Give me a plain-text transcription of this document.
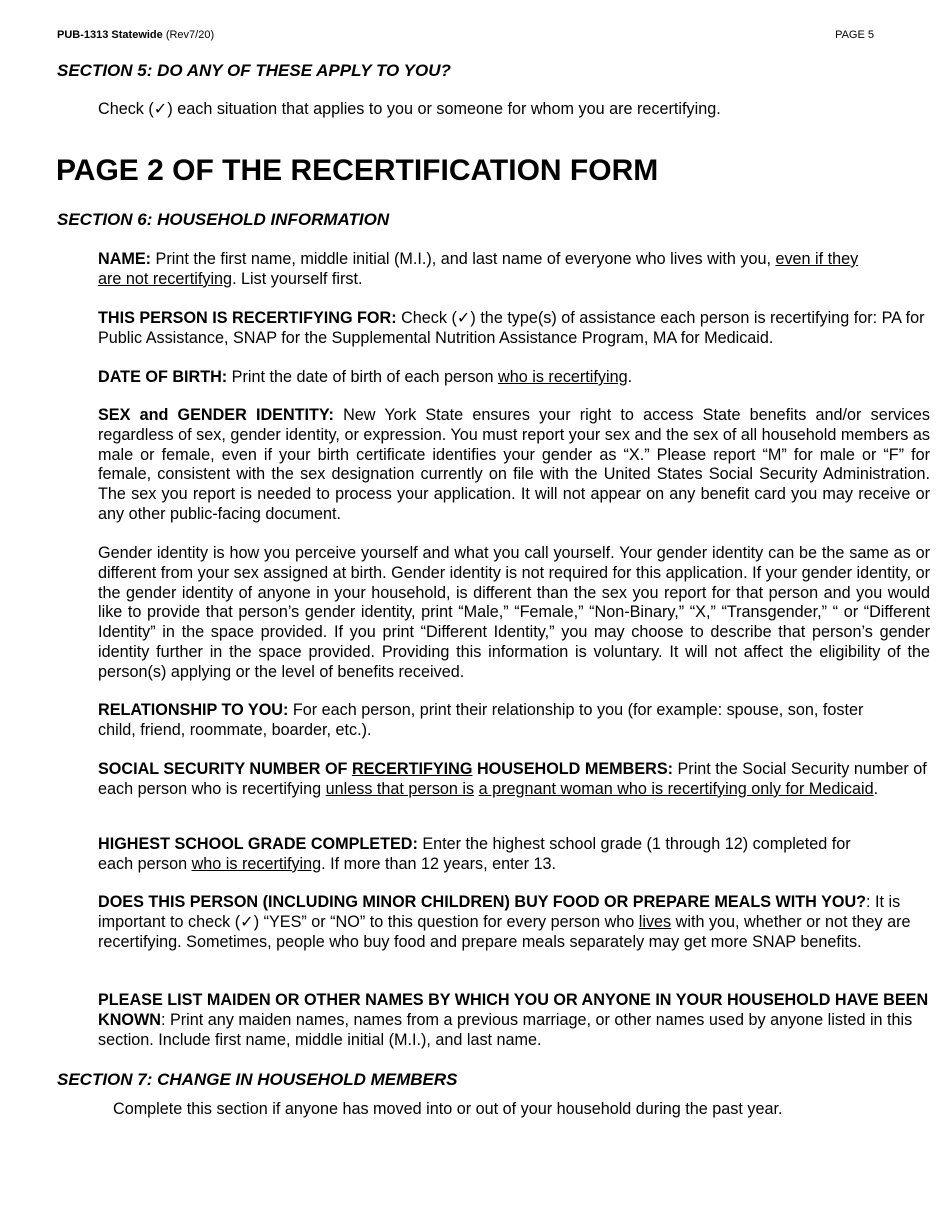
PUB-1313 Statewide (Rev7/20)	PAGE 5
SECTION 5: DO ANY OF THESE APPLY TO YOU?

Check (✓) each situation that applies to you or someone for whom you are recertifying.

PAGE 2 OF THE RECERTIFICATION FORM
SECTION 6: HOUSEHOLD INFORMATION

NAME: Print the first name, middle initial (M.I.), and last name of everyone who lives with you, even if they are not recertifying. List yourself first.

THIS PERSON IS RECERTIFYING FOR: Check (✓) the type(s) of assistance each person is recertifying for: PA for Public Assistance, SNAP for the Supplemental Nutrition Assistance Program, MA for Medicaid.

DATE OF BIRTH: Print the date of birth of each person who is recertifying.

SEX and GENDER IDENTITY: New York State ensures your right to access State benefits and/or services regardless of sex, gender identity, or expression. You must report your sex and the sex of all household members as male or female, even if your birth certificate identifies your gender as “X.” Please report “M” for male or “F” for female, consistent with the sex designation currently on file with the United States Social Security Administration. The sex you report is needed to process your application. It will not appear on any benefit card you may receive or any other public-facing document.

Gender identity is how you perceive yourself and what you call yourself. Your gender identity can be the same as or different from your sex assigned at birth. Gender identity is not required for this application. If your gender identity, or the gender identity of anyone in your household, is different than the sex you report for that person and you would like to provide that person’s gender identity, print “Male,” “Female,” “Non-Binary,” “X,” “Transgender,” “ or “Different Identity” in the space provided. If you print “Different Identity,” you may choose to describe that person’s gender identity further in the space provided. Providing this information is voluntary. It will not affect the eligibility of the person(s) applying or the level of benefits received.

RELATIONSHIP TO YOU: For each person, print their relationship to you (for example: spouse, son, foster child, friend, roommate, boarder, etc.).

SOCIAL SECURITY NUMBER OF RECERTIFYING HOUSEHOLD MEMBERS: Print the Social Security number of each person who is recertifying unless that person is a pregnant woman who is recertifying only for Medicaid.

HIGHEST SCHOOL GRADE COMPLETED: Enter the highest school grade (1 through 12) completed for each person who is recertifying. If more than 12 years, enter 13.

DOES THIS PERSON (INCLUDING MINOR CHILDREN) BUY FOOD OR PREPARE MEALS WITH YOU?: It is important to check (✓) “YES” or “NO” to this question for every person who lives with you, whether or not they are recertifying. Sometimes, people who buy food and prepare meals separately may get more SNAP benefits.

PLEASE LIST MAIDEN OR OTHER NAMES BY WHICH YOU OR ANYONE IN YOUR HOUSEHOLD HAVE BEEN KNOWN: Print any maiden names, names from a previous marriage, or other names used by anyone listed in this section. Include first name, middle initial (M.I.), and last name.

SECTION 7: CHANGE IN HOUSEHOLD MEMBERS

Complete this section if anyone has moved into or out of your household during the past year.
